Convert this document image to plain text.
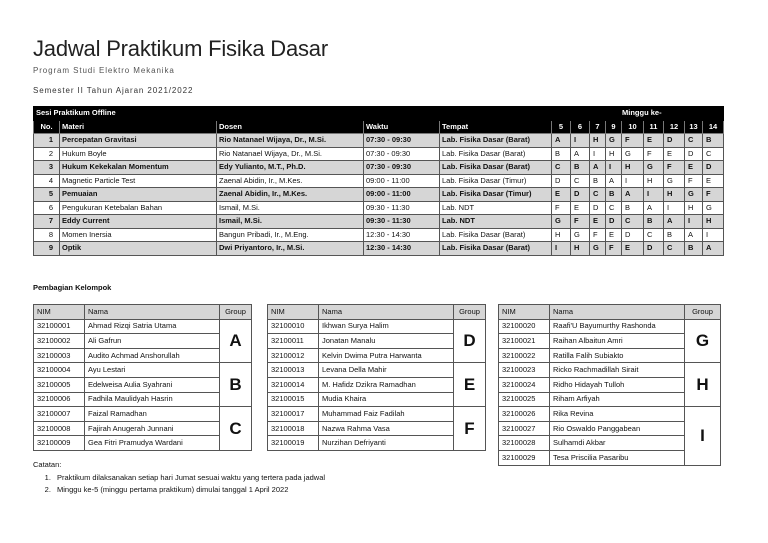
Jadwal Praktikum Fisika Dasar
Program Studi Elektro Mekanika
Semester II Tahun Ajaran 2021/2022
Sesi Praktikum Offline					Minggu ke-								
No.	Materi	Dosen	Waktu	Tempat	5	6	7	9	10	11	12	13	14
1	Percepatan Gravitasi	Rio Natanael Wijaya, Dr., M.Si.	07:30 - 09:30	Lab. Fisika Dasar (Barat)	A	I	H	G	F	E	D	C	B
2	Hukum Boyle	Rio Natanael Wijaya, Dr., M.Si.	07:30 - 09:30	Lab. Fisika Dasar (Barat)	B	A	I	H	G	F	E	D	C
3	Hukum Kekekalan Momentum	Edy Yulianto, M.T., Ph.D.	07:30 - 09:30	Lab. Fisika Dasar (Barat)	C	B	A	I	H	G	F	E	D
4	Magnetic Particle Test	Zaenal Abidin, Ir., M.Kes.	09:00 - 11:00	Lab. Fisika Dasar (Timur)	D	C	B	A	I	H	G	F	E
5	Pemuaian	Zaenal Abidin, Ir., M.Kes.	09:00 - 11:00	Lab. Fisika Dasar (Timur)	E	D	C	B	A	I	H	G	F
6	Pengukuran Ketebalan Bahan	Ismail, M.Si.	09:30 - 11:30	Lab. NDT	F	E	D	C	B	A	I	H	G
7	Eddy Current	Ismail, M.Si.	09:30 - 11:30	Lab. NDT	G	F	E	D	C	B	A	I	H
8	Momen Inersia	Bangun Pribadi, Ir., M.Eng.	12:30 - 14:30	Lab. Fisika Dasar (Barat)	H	G	F	E	D	C	B	A	I
9	Optik	Dwi Priyantoro, Ir., M.Si.	12:30 - 14:30	Lab. Fisika Dasar (Barat)	I	H	G	F	E	D	C	B	A
Pembagian Kelompok
NIM	Nama	Group
32100001	Ahmad Rizqi Satria Utama	A
32100002	Ali Gafrun	
32100003	Audito Achmad Anshorullah	
32100004	Ayu Lestari	B
32100005	Edelweisa Aulia Syahrani	
32100006	Fadhila Maulidyah Hasrin	
32100007	Faizal Ramadhan	C
32100008	Fajirah Anugerah Junnani	
32100009	Gea Fitri Pramudya Wardani	
NIM	Nama	Group
32100010	Ikhwan Surya Halim	D
32100011	Jonatan Manalu	
32100012	Kelvin Dwima Putra Harwanta	
32100013	Levana Della Mahir	E
32100014	M. Hafidz Dzikra Ramadhan	
32100015	Mudia Khaira	
32100017	Muhammad Faiz Fadilah	F
32100018	Nazwa Rahma Vasa	
32100019	Nurzihan Defriyanti	
NIM	Nama	Group
32100020	Raafi'U Bayumurthy Rashonda	G
32100021	Raihan Albaitun Amri	
32100022	Ratilla Falih Subiakto	
32100023	Ricko Rachmadillah Sirait	H
32100024	Ridho Hidayah Tulloh	
32100025	Riham Arfiyah	
32100026	Rika Revina	I
32100027	Rio Oswaldo Panggabean	
32100028	Sulhamdi Akbar	
32100029	Tesa Priscilia Pasaribu	
Catatan:
1. Praktikum dilaksanakan setiap hari Jumat sesuai waktu yang tertera pada jadwal
2. Minggu ke-5 (minggu pertama praktikum) dimulai tanggal 1 April 2022
